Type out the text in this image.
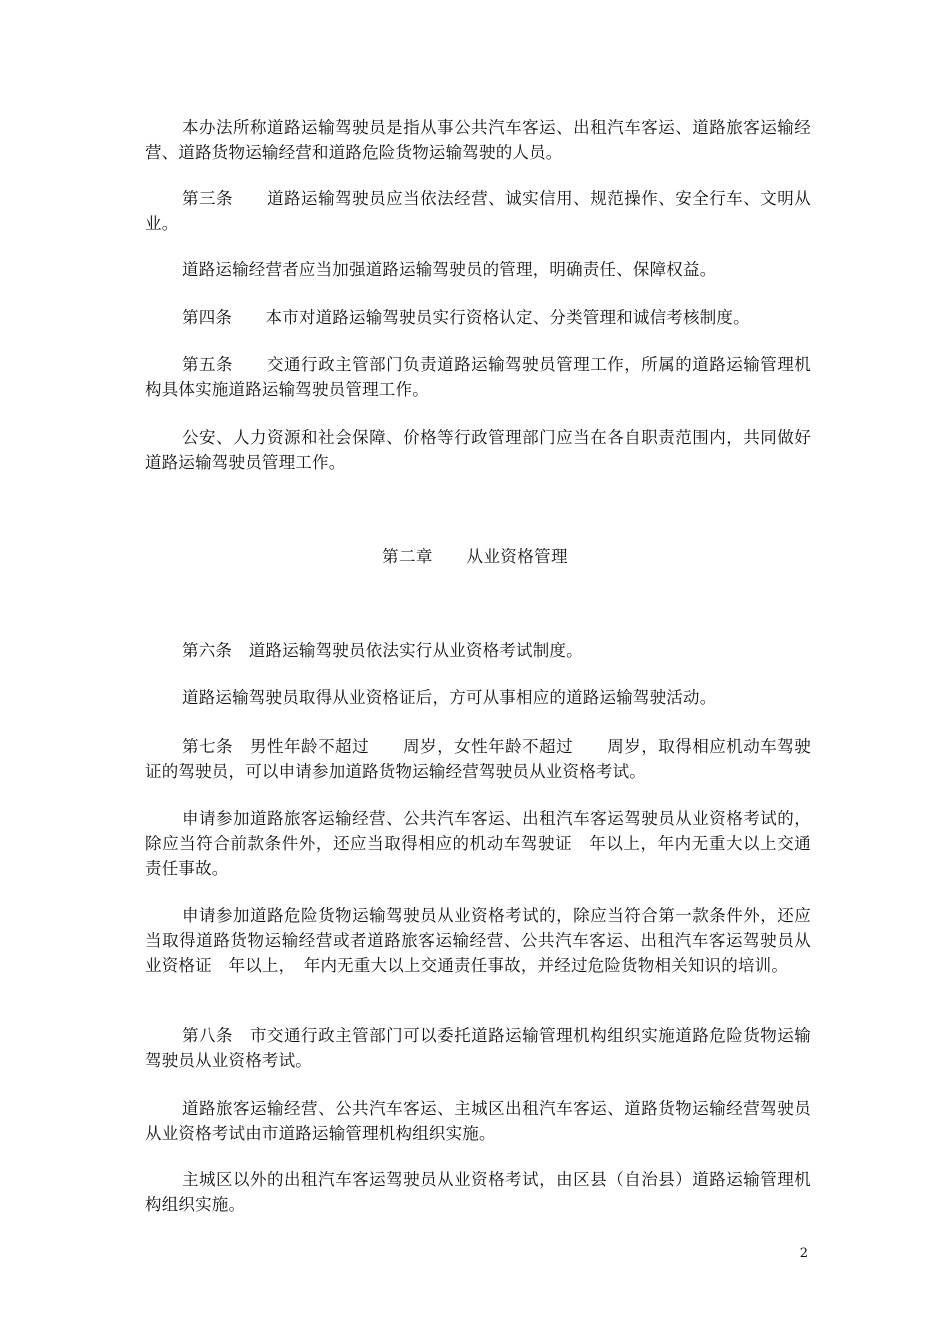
本办法所称道路运输驾驶员是指从事公共汽车客运、出租汽车客运、道路旅客运输经营、道路货物运输经营和道路危险货物运输驾驶的人员。

第三条　　道路运输驾驶员应当依法经营、诚实信用、规范操作、安全行车、文明从业。

道路运输经营者应当加强道路运输驾驶员的管理，明确责任、保障权益。

第四条　　本市对道路运输驾驶员实行资格认定、分类管理和诚信考核制度。

第五条　　交通行政主管部门负责道路运输驾驶员管理工作，所属的道路运输管理机构具体实施道路运输驾驶员管理工作。

公安、人力资源和社会保障、价格等行政管理部门应当在各自职责范围内，共同做好道路运输驾驶员管理工作。

第二章　　从业资格管理

第六条　道路运输驾驶员依法实行从业资格考试制度。

道路运输驾驶员取得从业资格证后，方可从事相应的道路运输驾驶活动。

第七条　男性年龄不超过　　周岁，女性年龄不超过　　周岁，取得相应机动车驾驶证的驾驶员，可以申请参加道路货物运输经营驾驶员从业资格考试。

申请参加道路旅客运输经营、公共汽车客运、出租汽车客运驾驶员从业资格考试的，除应当符合前款条件外，还应当取得相应的机动车驾驶证　年以上，年内无重大以上交通责任事故。

申请参加道路危险货物运输驾驶员从业资格考试的，除应当符合第一款条件外，还应当取得道路货物运输经营或者道路旅客运输经营、公共汽车客运、出租汽车客运驾驶员从业资格证　年以上，　年内无重大以上交通责任事故，并经过危险货物相关知识的培训。

第八条　市交通行政主管部门可以委托道路运输管理机构组织实施道路危险货物运输驾驶员从业资格考试。

道路旅客运输经营、公共汽车客运、主城区出租汽车客运、道路货物运输经营驾驶员从业资格考试由市道路运输管理机构组织实施。

主城区以外的出租汽车客运驾驶员从业资格考试，由区县（自治县）道路运输管理机构组织实施。

2
